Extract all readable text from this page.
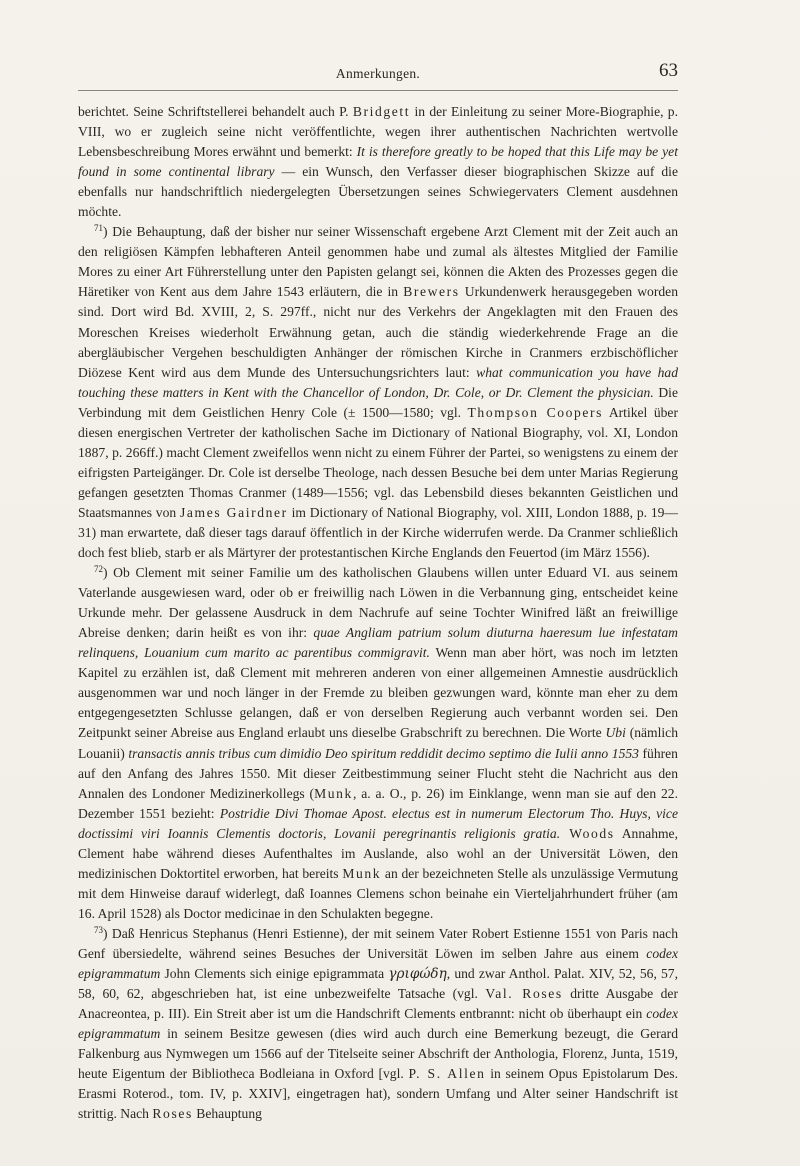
Anmerkungen.	63

berichtet. Seine Schriftstellerei behandelt auch P. Bridgett in der Einleitung zu seiner More-Biographie, p. VIII, wo er zugleich seine nicht veröffentlichte, wegen ihrer authentischen Nachrichten wertvolle Lebensbeschreibung Mores erwähnt und bemerkt: It is therefore greatly to be hoped that this Life may be yet found in some continental library — ein Wunsch, den Verfasser dieser biographischen Skizze auf die ebenfalls nur handschriftlich niedergelegten Übersetzungen seines Schwiegervaters Clement ausdehnen möchte.

$^{71}$) Die Behauptung, daß der bisher nur seiner Wissenschaft ergebene Arzt Clement mit der Zeit auch an den religiösen Kämpfen lebhafteren Anteil genommen habe und zumal als ältestes Mitglied der Familie Mores zu einer Art Führerstellung unter den Papisten gelangt sei, können die Akten des Prozesses gegen die Häretiker von Kent aus dem Jahre 1543 erläutern, die in Brewers Urkundenwerk herausgegeben worden sind. Dort wird Bd. XVIII, 2, S. 297ff., nicht nur des Verkehrs der Angeklagten mit den Frauen des Moreschen Kreises wiederholt Erwähnung getan, auch die ständig wiederkehrende Frage an die abergläubischer Vergehen beschuldigten Anhänger der römischen Kirche in Cranmers erzbischöflicher Diözese Kent wird aus dem Munde des Untersuchungsrichters laut: what communication you have had touching these matters in Kent with the Chancellor of London, Dr. Cole, or Dr. Clement the physician. Die Verbindung mit dem Geistlichen Henry Cole (± 1500—1580; vgl. Thompson Coopers Artikel über diesen energischen Vertreter der katholischen Sache im Dictionary of National Biography, vol. XI, London 1887, p. 266ff.) macht Clement zweifellos wenn nicht zu einem Führer der Partei, so wenigstens zu einem der eifrigsten Parteigänger. Dr. Cole ist derselbe Theologe, nach dessen Besuche bei dem unter Marias Regierung gefangen gesetzten Thomas Cranmer (1489—1556; vgl. das Lebensbild dieses bekannten Geistlichen und Staatsmannes von James Gairdner im Dictionary of National Biography, vol. XIII, London 1888, p. 19—31) man erwartete, daß dieser tags darauf öffentlich in der Kirche widerrufen werde. Da Cranmer schließlich doch fest blieb, starb er als Märtyrer der protestantischen Kirche Englands den Feuertod (im März 1556).

$^{72}$) Ob Clement mit seiner Familie um des katholischen Glaubens willen unter Eduard VI. aus seinem Vaterlande ausgewiesen ward, oder ob er freiwillig nach Löwen in die Verbannung ging, entscheidet keine Urkunde mehr. Der gelassene Ausdruck in dem Nachrufe auf seine Tochter Winifred läßt an freiwillige Abreise denken; darin heißt es von ihr: quae Angliam patrium solum diuturna haeresum lue infestatam relinquens, Louanium cum marito ac parentibus commigravit. Wenn man aber hört, was noch im letzten Kapitel zu erzählen ist, daß Clement mit mehreren anderen von einer allgemeinen Amnestie ausdrücklich ausgenommen war und noch länger in der Fremde zu bleiben gezwungen ward, könnte man eher zu dem entgegengesetzten Schlusse gelangen, daß er von derselben Regierung auch verbannt worden sei. Den Zeitpunkt seiner Abreise aus England erlaubt uns dieselbe Grabschrift zu berechnen. Die Worte Ubi (nämlich Louanii) transactis annis tribus cum dimidio Deo spiritum reddidit decimo septimo die Iulii anno 1553 führen auf den Anfang des Jahres 1550. Mit dieser Zeitbestimmung seiner Flucht steht die Nachricht aus den Annalen des Londoner Medizinerkollegs (Munk, a. a. O., p. 26) im Einklange, wenn man sie auf den 22. Dezember 1551 bezieht: Postridie Divi Thomae Apost. electus est in numerum Electorum Tho. Huys, vice doctissimi viri Ioannis Clementis doctoris, Lovanii peregrinantis religionis gratia. Woods Annahme, Clement habe während dieses Aufenthaltes im Auslande, also wohl an der Universität Löwen, den medizinischen Doktortitel erworben, hat bereits Munk an der bezeichneten Stelle als unzulässige Vermutung mit dem Hinweise darauf widerlegt, daß Ioannes Clemens schon beinahe ein Vierteljahrhundert früher (am 16. April 1528) als Doctor medicinae in den Schulakten begegne.

$^{73}$) Daß Henricus Stephanus (Henri Estienne), der mit seinem Vater Robert Estienne 1551 von Paris nach Genf übersiedelte, während seines Besuches der Universität Löwen im selben Jahre aus einem codex epigrammatum John Clements sich einige epigrammata γριφώδη, und zwar Anthol. Palat. XIV, 52, 56, 57, 58, 60, 62, abgeschrieben hat, ist eine unbezweifelte Tatsache (vgl. Val. Roses dritte Ausgabe der Anacreontea, p. III). Ein Streit aber ist um die Handschrift Clements entbrannt: nicht ob überhaupt ein codex epigrammatum in seinem Besitze gewesen (dies wird auch durch eine Bemerkung bezeugt, die Gerard Falkenburg aus Nymwegen um 1566 auf der Titelseite seiner Abschrift der Anthologia, Florenz, Junta, 1519, heute Eigentum der Bibliotheca Bodleiana in Oxford [vgl. P. S. Allen in seinem Opus Epistolarum Des. Erasmi Roterod., tom. IV, p. XXIV], eingetragen hat), sondern Umfang und Alter seiner Handschrift ist strittig. Nach Roses Behauptung
